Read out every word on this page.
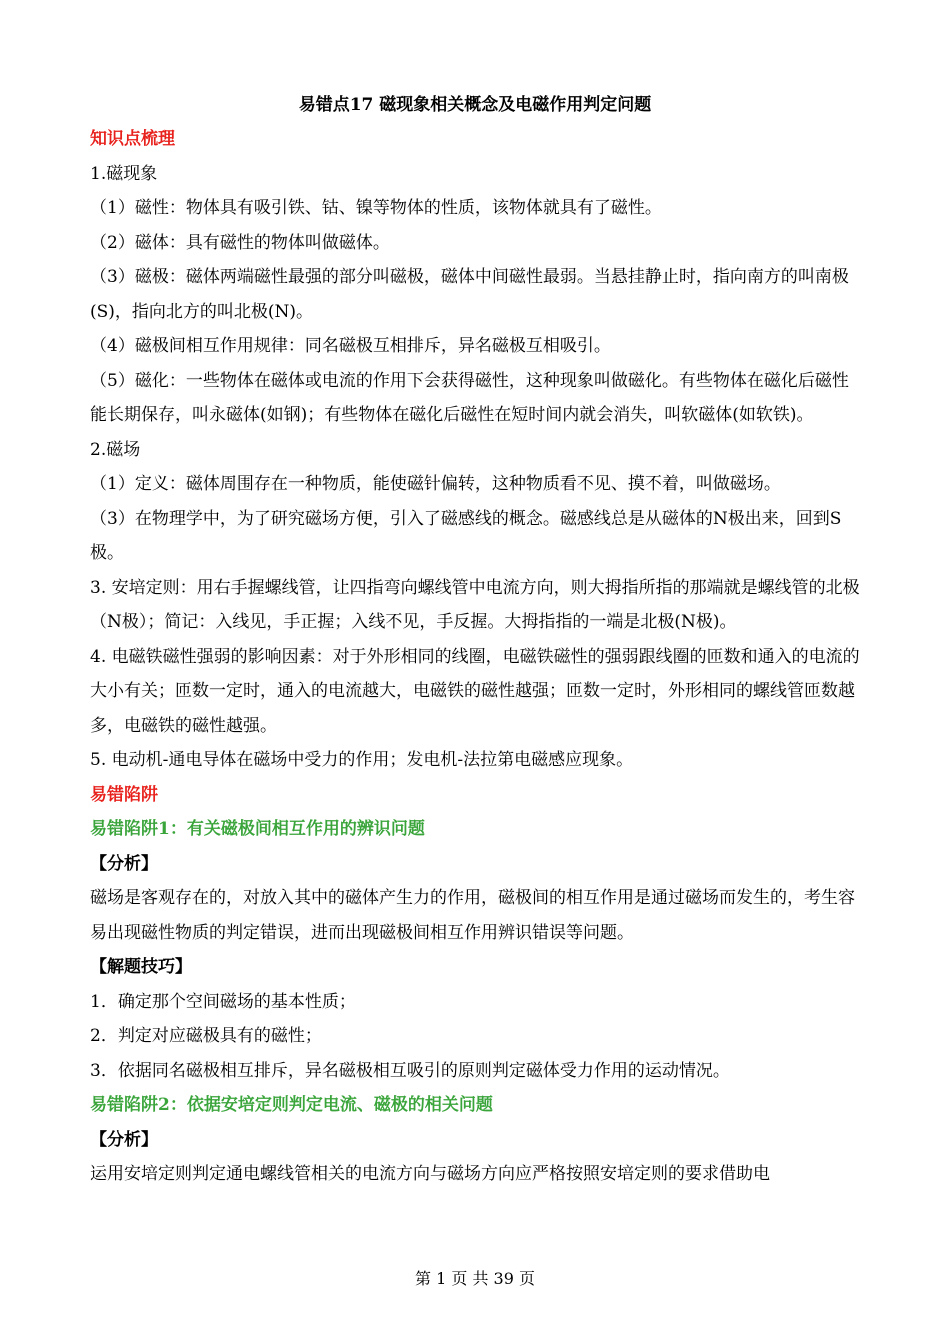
易错点17 磁现象相关概念及电磁作用判定问题

知识点梳理

1.磁现象

（1）磁性：物体具有吸引铁、钴、镍等物体的性质，该物体就具有了磁性。

（2）磁体：具有磁性的物体叫做磁体。

（3）磁极：磁体两端磁性最强的部分叫磁极，磁体中间磁性最弱。当悬挂静止时，指向南方的叫南极(S)，指向北方的叫北极(N)。

（4）磁极间相互作用规律：同名磁极互相排斥，异名磁极互相吸引。

（5）磁化：一些物体在磁体或电流的作用下会获得磁性，这种现象叫做磁化。有些物体在磁化后磁性能长期保存，叫永磁体(如钢)；有些物体在磁化后磁性在短时间内就会消失，叫软磁体(如软铁)。

2.磁场

（1）定义：磁体周围存在一种物质，能使磁针偏转，这种物质看不见、摸不着，叫做磁场。

（3）在物理学中，为了研究磁场方便，引入了磁感线的概念。磁感线总是从磁体的N极出来，回到S极。

3. 安培定则：用右手握螺线管，让四指弯向螺线管中电流方向，则大拇指所指的那端就是螺线管的北极（N极）；简记：入线见，手正握；入线不见，手反握。大拇指指的一端是北极(N极)。

4. 电磁铁磁性强弱的影响因素：对于外形相同的线圈，电磁铁磁性的强弱跟线圈的匝数和通入的电流的大小有关；匝数一定时，通入的电流越大，电磁铁的磁性越强；匝数一定时，外形相同的螺线管匝数越多，电磁铁的磁性越强。

5. 电动机-通电导体在磁场中受力的作用；发电机-法拉第电磁感应现象。

易错陷阱

易错陷阱1：有关磁极间相互作用的辨识问题

【分析】

磁场是客观存在的，对放入其中的磁体产生力的作用，磁极间的相互作用是通过磁场而发生的，考生容易出现磁性物质的判定错误，进而出现磁极间相互作用辨识错误等问题。

【解题技巧】

1．确定那个空间磁场的基本性质；

2．判定对应磁极具有的磁性；

3．依据同名磁极相互排斥，异名磁极相互吸引的原则判定磁体受力作用的运动情况。

易错陷阱2：依据安培定则判定电流、磁极的相关问题

【分析】

运用安培定则判定通电螺线管相关的电流方向与磁场方向应严格按照安培定则的要求借助电

第 1 页 共 39 页
